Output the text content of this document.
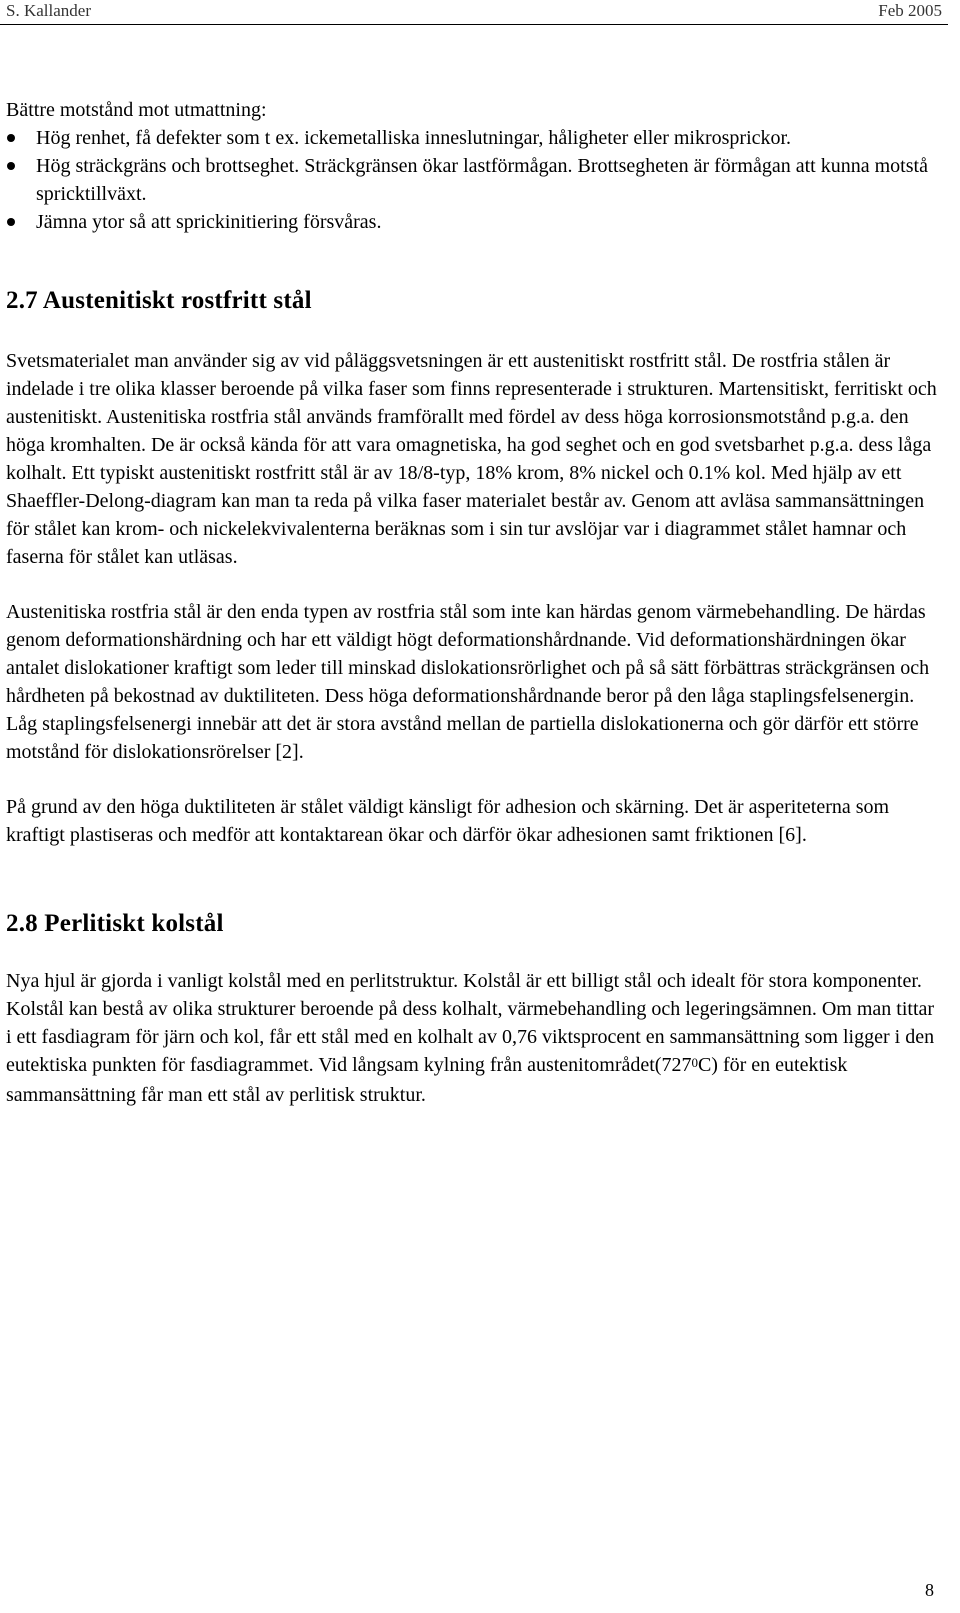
S. Kallander	Feb 2005

Bättre motstånd mot utmattning:

Hög renhet, få defekter som t ex. ickemetalliska inneslutningar, håligheter eller mikrosprickor.
Hög sträckgräns och brottseghet. Sträckgränsen ökar lastförmågan. Brottsegheten är förmågan att kunna motstå spricktillväxt.
Jämna ytor så att sprickinitiering försvåras.
2.7 Austenitiskt rostfritt stål

Svetsmaterialet man använder sig av vid påläggsvetsningen är ett austenitiskt rostfritt stål. De rostfria stålen är indelade i tre olika klasser beroende på vilka faser som finns representerade i strukturen. Martensitiskt, ferritiskt och austenitiskt. Austenitiska rostfria stål används framförallt med fördel av dess höga korrosionsmotstånd p.g.a. den höga kromhalten. De är också kända för att vara omagnetiska, ha god seghet och en god svetsbarhet p.g.a. dess låga kolhalt. Ett typiskt austenitiskt rostfritt stål är av 18/8-typ, 18% krom, 8% nickel och 0.1% kol. Med hjälp av ett Shaeffler-Delong-diagram kan man ta reda på vilka faser materialet består av. Genom att avläsa sammansättningen för stålet kan krom- och nickelekvivalenterna beräknas som i sin tur avslöjar var i diagrammet stålet hamnar och faserna för stålet kan utläsas.

Austenitiska rostfria stål är den enda typen av rostfria stål som inte kan härdas genom värmebehandling. De härdas genom deformationshärdning och har ett väldigt högt deformationshårdnande. Vid deformationshärdningen ökar antalet dislokationer kraftigt som leder till minskad dislokationsrörlighet och på så sätt förbättras sträckgränsen och hårdheten på bekostnad av duktiliteten. Dess höga deformationshårdnande beror på den låga staplingsfelsenergin. Låg staplingsfelsenergi innebär att det är stora avstånd mellan de partiella dislokationerna och gör därför ett större motstånd för dislokationsrörelser [2].

På grund av den höga duktiliteten är stålet väldigt känsligt för adhesion och skärning. Det är asperiteterna som kraftigt plastiseras och medför att kontaktarean ökar och därför ökar adhesionen samt friktionen [6].

2.8 Perlitiskt kolstål

Nya hjul är gjorda i vanligt kolstål med en perlitstruktur. Kolstål är ett billigt stål och idealt för stora komponenter. Kolstål kan bestå av olika strukturer beroende på dess kolhalt, värmebehandling och legeringsämnen. Om man tittar i ett fasdiagram för järn och kol, får ett stål med en kolhalt av 0,76 viktsprocent en sammansättning som ligger i den eutektiska punkten för fasdiagrammet. Vid långsam kylning från $austenitområ\det(727^0C)$ för en eutektisk sammansättning får man ett stål av perlitisk struktur.

8
